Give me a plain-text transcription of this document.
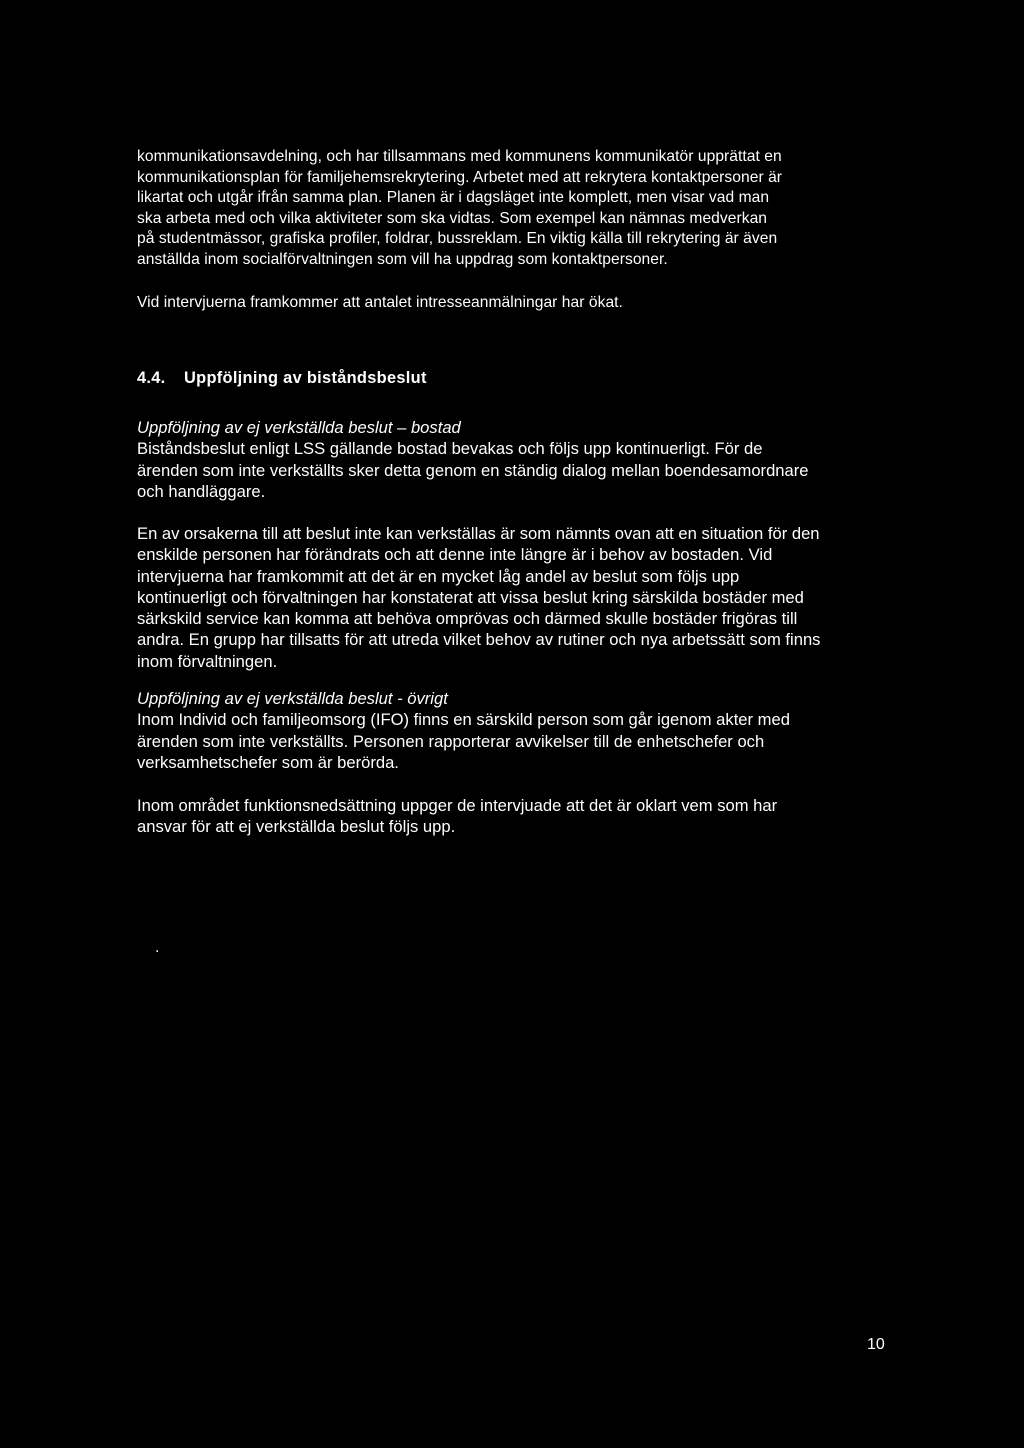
kommunikationsavdelning, och har tillsammans med kommunens kommunikatör upprättat en
kommunikationsplan för familjehemsrekrytering. Arbetet med att rekrytera kontaktpersoner är
likartat och utgår ifrån samma plan. Planen är i dagsläget inte komplett, men visar vad man
ska arbeta med och vilka aktiviteter som ska vidtas. Som exempel kan nämnas medverkan
på studentmässor, grafiska profiler, foldrar, bussreklam. En viktig källa till rekrytering är även
anställda inom socialförvaltningen som vill ha uppdrag som kontaktpersoner.
Vid intervjuerna framkommer att antalet intresseanmälningar har ökat.
4.4. Uppföljning av biståndsbeslut
Uppföljning av ej verkställda beslut – bostad
Biståndsbeslut enligt LSS gällande bostad bevakas och följs upp kontinuerligt. För de
ärenden som inte verkställts sker detta genom en ständig dialog mellan boendesamordnare
och handläggare.
En av orsakerna till att beslut inte kan verkställas är som nämnts ovan att en situation för den
enskilde personen har förändrats och att denne inte längre är i behov av bostaden. Vid
intervjuerna har framkommit att det är en mycket låg andel av beslut som följs upp
kontinuerligt och förvaltningen har konstaterat att vissa beslut kring särskilda bostäder med
särkskild service kan komma att behöva omprövas och därmed skulle bostäder frigöras till
andra. En grupp har tillsatts för att utreda vilket behov av rutiner och nya arbetssätt som finns
inom förvaltningen.
Uppföljning av ej verkställda beslut - övrigt
Inom Individ och familjeomsorg (IFO) finns en särskild person som går igenom akter med
ärenden som inte verkställts. Personen rapporterar avvikelser till de enhetschefer och
verksamhetschefer som är berörda.
Inom området funktionsnedsättning uppger de intervjuade att det är oklart vem som har
ansvar för att ej verkställda beslut följs upp.
.
10
